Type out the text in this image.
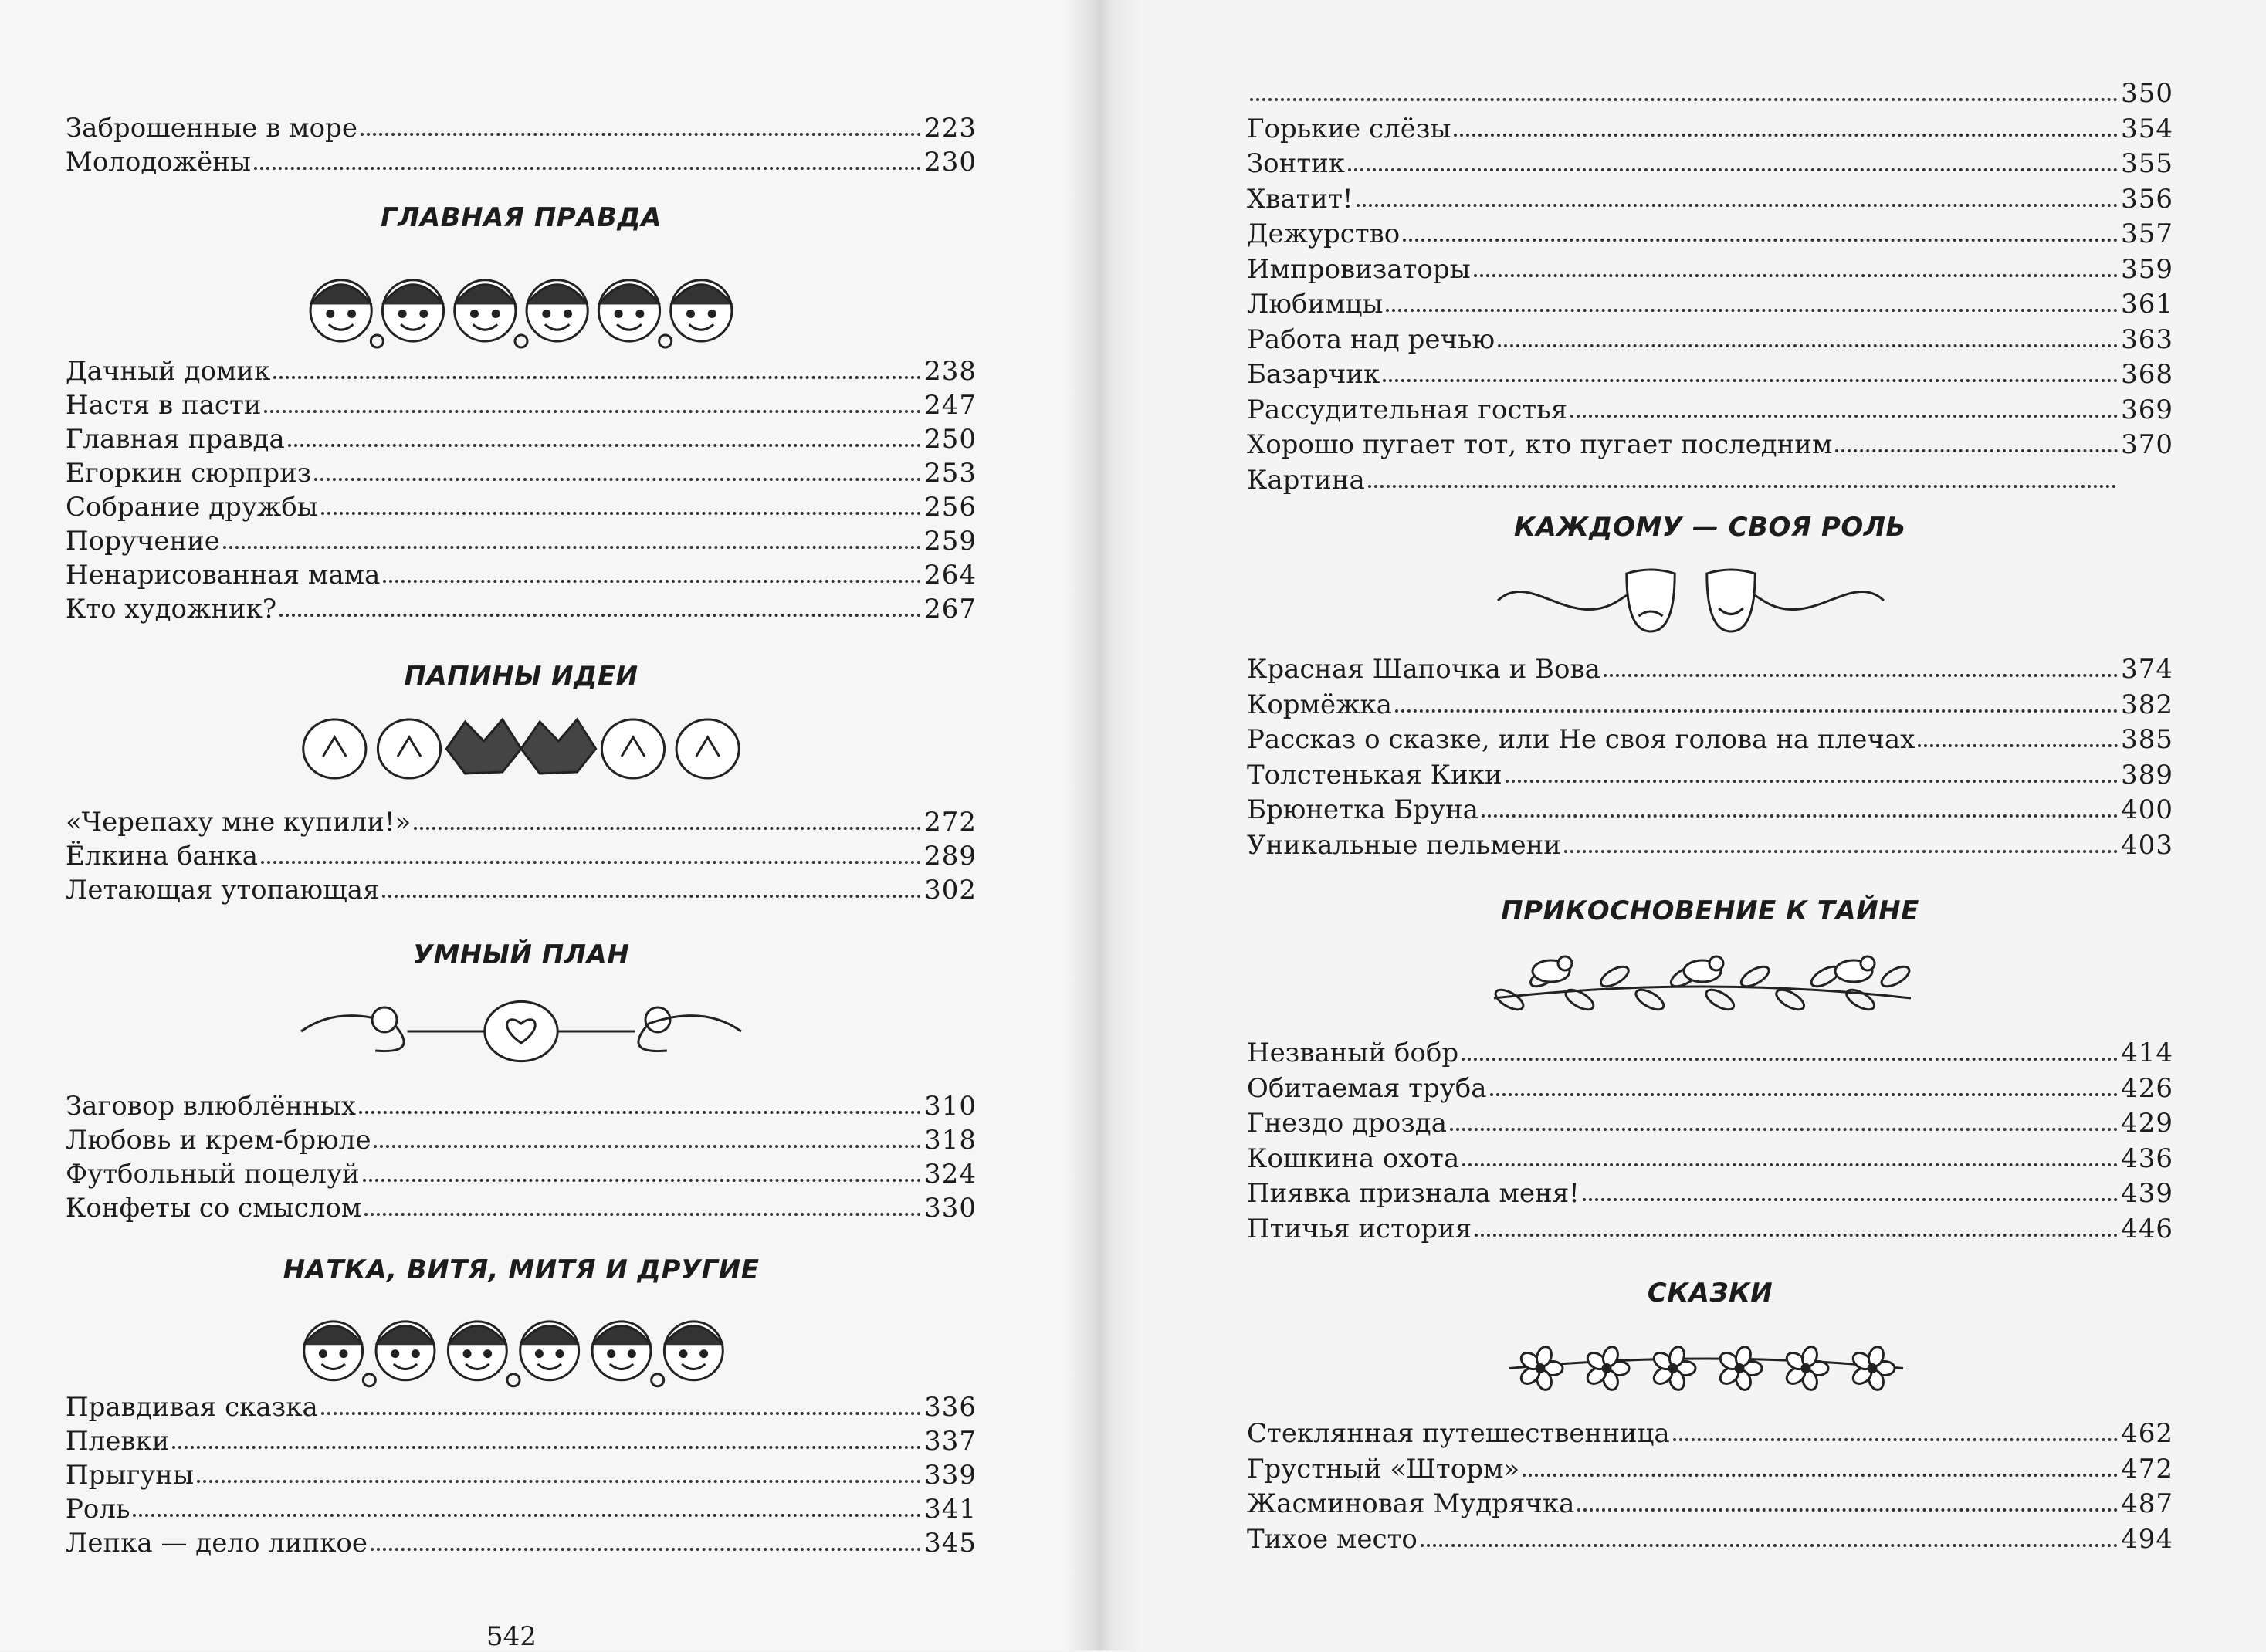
Заброшенные в море	223
Молодожёны	230
ГЛАВНАЯ ПРАВДА
Дачный домик	238
Настя в пасти	247
Главная правда	250
Егоркин сюрприз	253
Собрание дружбы	256
Поручение	259
Ненарисованная мама	264
Кто художник?	267
ПАПИНЫ ИДЕИ
«Черепаху мне купили!»	272
Ёлкина банка	289
Летающая утопающая	302
УМНЫЙ ПЛАН
Заговор влюблённых	310
Любовь и крем-брюле	318
Футбольный поцелуй	324
Конфеты со смыслом	330
НАТКА, ВИТЯ, МИТЯ И ДРУГИЕ
Правдивая сказка	336
Плевки	337
Прыгуны	339
Роль	341
Лепка — дело липкое	345
350
Горькие слёзы	354
Зонтик	355
Хватит!	356
Дежурство	357
Импровизаторы	359
Любимцы	361
Работа над речью	363
Базарчик	368
Рассудительная гостья	369
Хорошо пугает тот, кто пугает последним	370
Картина
КАЖДОМУ — СВОЯ РОЛЬ
Красная Шапочка и Вова	374
Кормёжка	382
Рассказ о сказке, или Не своя голова на плечах	385
Толстенькая Кики	389
Брюнетка Бруна	400
Уникальные пельмени	403
ПРИКОСНОВЕНИЕ К ТАЙНЕ
Незваный бобр	414
Обитаемая труба	426
Гнездо дрозда	429
Кошкина охота	436
Пиявка признала меня!	439
Птичья история	446
СКАЗКИ
Стеклянная путешественница	462
Грустный «Шторм»	472
Жасминовая Мудрячка	487
Тихое место	494
542
